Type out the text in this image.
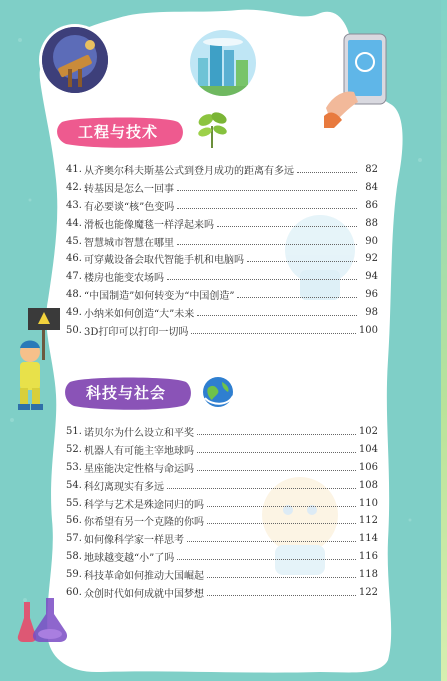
工程与技术
41. 从齐奥尔科夫斯基公式到登月成功的距离有多远	82
42. 转基因是怎么一回事	84
43. 有必要谈“核”色变吗	86
44. 滑板也能像魔毯一样浮起来吗	88
45. 智慧城市智慧在哪里	90
46. 可穿戴设备会取代智能手机和电脑吗	92
47. 楼房也能变农场吗	94
48. “中国制造”如何转变为“中国创造”	96
49. 小纳米如何创造“大”未来	98
50. 3D打印可以打印一切吗	100
科技与社会
51. 诺贝尔为什么设立和平奖	102
52. 机器人有可能主宰地球吗	104
53. 星座能决定性格与命运吗	106
54. 科幻离现实有多远	108
55. 科学与艺术是殊途同归的吗	110
56. 你希望有另一个克隆的你吗	112
57. 如何像科学家一样思考	114
58. 地球越变越“小”了吗	116
59. 科技革命如何推动大国崛起	118
60. 众创时代如何成就中国梦想	122
